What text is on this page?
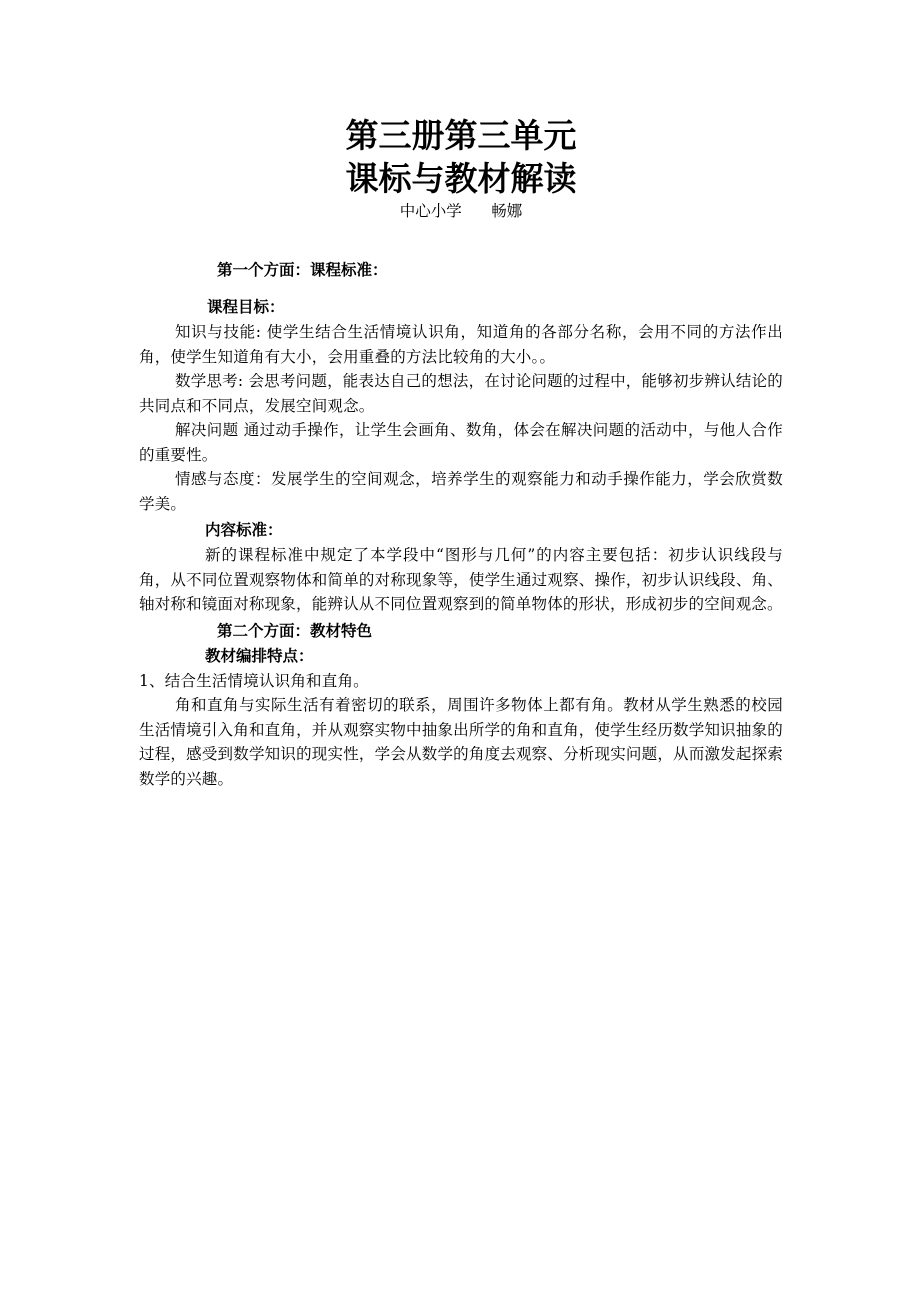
第三册第三单元
课标与教材解读

中心小学      畅娜

第一个方面：课程标准：

课程目标：

知识与技能: 使学生结合生活情境认识角，知道角的各部分名称，会用不同的方法作出角，使学生知道角有大小，会用重叠的方法比较角的大小。。

数学思考: 会思考问题，能表达自己的想法，在讨论问题的过程中，能够初步辨认结论的共同点和不同点，发展空间观念。

解决问题 通过动手操作，让学生会画角、数角，体会在解决问题的活动中，与他人合作的重要性。

情感与态度：发展学生的空间观念，培养学生的观察能力和动手操作能力，学会欣赏数学美。

内容标准：

新的课程标准中规定了本学段中“图形与几何”的内容主要包括：初步认识线段与角，从不同位置观察物体和简单的对称现象等，使学生通过观察、操作，初步认识线段、角、轴对称和镜面对称现象，能辨认从不同位置观察到的简单物体的形状，形成初步的空间观念。

第二个方面：教材特色

教材编排特点：

1、结合生活情境认识角和直角。

角和直角与实际生活有着密切的联系，周围许多物体上都有角。教材从学生熟悉的校园生活情境引入角和直角，并从观察实物中抽象出所学的角和直角，使学生经历数学知识抽象的过程，感受到数学知识的现实性，学会从数学的角度去观察、分析现实问题，从而激发起探索数学的兴趣。
